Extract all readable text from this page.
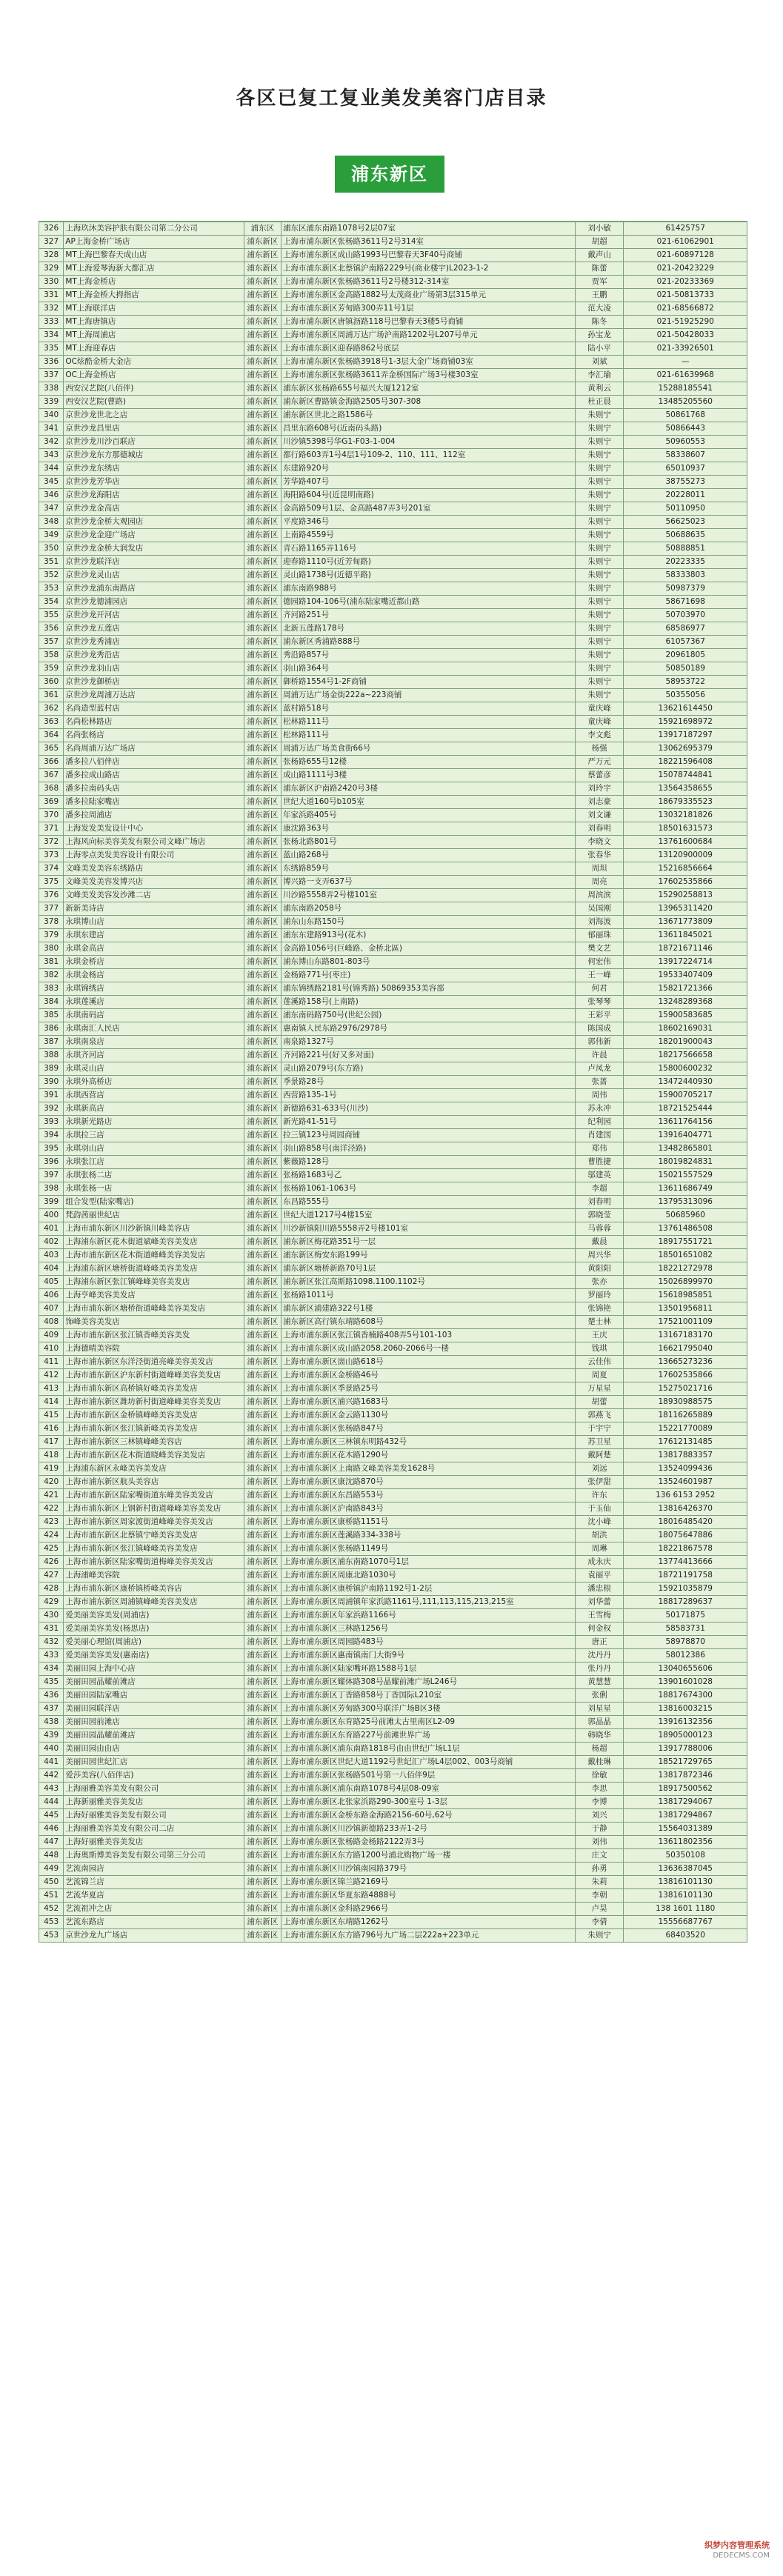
各区已复工复业美发美容门店目录
浦东新区
326	上海玖沐美容护肤有限公司第二分公司	浦东区	浦东区浦东南路1078号2层07室	刘小敏	61425757
327	AP上海金桥广场店	浦东新区	上海市浦东新区张杨路3611号2号314室	胡超	021-61062901
328	MT上海巴黎春天成山店	浦东新区	上海市浦东新区成山路1993号巴黎春天3F40号商铺	戴声山	021-60897128
329	MT上海爱琴海新大都汇店	浦东新区	上海市浦东新区北蔡镇沪南路2229号(商业楼宇)L2023-1-2	陈蕾	021-20423229
330	MT上海金桥店	浦东新区	上海市浦东新区张杨路3611号2号楼312-314室	贾军	021-20233369
331	MT上海金桥大拇指店	浦东新区	上海市浦东新区金高路1882号太茂商业广场第3层315单元	王鹏	021-50813733
332	MT上海联洋店	浦东新区	上海市浦东新区芳甸路300弄11号1层	范大凌	021-68566872
333	MT上海唐镇店	浦东新区	上海市浦东新区唐镇沥路118号巴黎春天3楼5号商铺	陈冬	021-51925290
334	MT上海周浦店	浦东新区	上海市浦东新区周浦万达广场沪南路1202号L207号单元	孙宝龙	021-50428033
335	MT上海迎春店	浦东新区	上海市浦东新区迎春路862号底层	陆小平	021-33926501
336	OC炫酷金桥大金店	浦东新区	上海市浦东新区张杨路3918号1-3层大金广场商铺03室	刘斌	—
337	OC上海金桥店	浦东新区	上海市浦东新区张杨路3611弄金桥国际广场3号楼303室	李汇瑜	021-61639968
338	西安汉艺院(八佰伴)	浦东新区	浦东新区张杨路655号福兴大厦1212室	黄利云	15288185541
339	西安汉艺院(曹路)	浦东新区	浦东新区曹路镇金海路2505号307-308	杜正晨	13485205560
340	京世沙龙世北之店	浦东新区	浦东新区世北之路1586号	朱则宁	50861768
341	京世沙龙昌里店	浦东新区	昌里东路608号(近南码头路)	朱则宁	50866443
342	京世沙龙川沙百联店	浦东新区	川沙镇5398号华G1-F03-1-004	朱则宁	50960553
343	京世沙龙东方那德城店	浦东新区	都行路603弄1号4层1号109-2、110、111、112室	朱则宁	58338607
344	京世沙龙东绣店	浦东新区	东建路920号	朱则宁	65010937
345	京世沙龙芳华店	浦东新区	芳华路407号	朱则宁	38755273
346	京世沙龙海阳店	浦东新区	海阳路604号(近昆明南路)	朱则宁	20228011
347	京世沙龙金高店	浦东新区	金高路509号1层、金高路487弄3号201室	朱则宁	50110950
348	京世沙龙金桥大观园店	浦东新区	平度路346号	朱则宁	56625023
349	京世沙龙金迎广场店	浦东新区	上南路4559号	朱则宁	50688635
350	京世沙龙金桥大润发店	浦东新区	青石路1165弄116号	朱则宁	50888851
351	京世沙龙联洋店	浦东新区	迎春路1110号(近芳甸路)	朱则宁	20223335
352	京世沙龙灵山店	浦东新区	灵山路1738号(近德平路)	朱则宁	58333803
353	京世沙龙浦东南路店	浦东新区	浦东南路988号	朱则宁	50987379
354	京世沙龙德浦园店	浦东新区	德园路104-106号(浦东陆家嘴近都山路	朱则宁	58671698
355	京世沙龙开河店	浦东新区	齐河路251号	朱则宁	50703970
356	京世沙龙五莲店	浦东新区	北新五莲路178号	朱则宁	68586977
357	京世沙龙秀浦店	浦东新区	浦东新区秀浦路888号	朱则宁	61057367
358	京世沙龙秀沿店	浦东新区	秀沿路857号	朱则宁	20961805
359	京世沙龙羽山店	浦东新区	羽山路364号	朱则宁	50850189
360	京世沙龙御桥店	浦东新区	御桥路1554号1-2F商铺	朱则宁	58953722
361	京世沙龙周浦万达店	浦东新区	周浦万达广场金街222a~223商铺	朱则宁	50355056
362	名尚造型蓝村店	浦东新区	蓝村路518号	童庆峰	13621614450
363	名尚松林路店	浦东新区	松林路111号	童庆峰	15921698972
364	名尚张杨店	浦东新区	松林路111号	李文彪	13917187297
365	名尚周浦万达广场店	浦东新区	周浦万达广场美食街66号	杨强	13062695379
366	潘多拉八佰伴店	浦东新区	张杨路655号12楼	严万元	18221596408
367	潘多拉成山路店	浦东新区	成山路1111号3楼	蔡蕾彦	15078744841
368	潘多拉南码头店	浦东新区	浦东新区沪南路2420号3楼	刘玲宇	13564358655
369	潘多拉陆家嘴店	浦东新区	世纪大道160号b105室	刘志豪	18679335523
370	潘多拉周浦店	浦东新区	年家浜路405号	刘文谦	13032181826
371	上海发发美发设计中心	浦东新区	康沈路363号	刘春明	18501631573
372	上海风向标美容美发有限公司文峰广场店	浦东新区	张杨北路801号	李晓文	13761600684
373	上海零点美发美容设计有限公司	浦东新区	蓝山路268号	张春华	13120900009
374	文峰美发美容东绣路店	浦东新区	东绣路859号	周坦	15216856664
375	文峰美发美容发博兴店	浦东新区	博兴路一支弄637号	周亮	17602535866
376	文峰美发美容发沙滩二店	浦东新区	川沙路5558弄2号楼101室	周滨滨	15290258813
377	新新美诗店	浦东新区	浦东南路2058号	吴国刚	13965311420
378	永琪博山店	浦东新区	浦东山东路150号	刘海波	13671773809
379	永琪东建店	浦东新区	浦东东建路913号(花木)	郁丽珠	13611845021
380	永琪金高店	浦东新区	金高路1056号(巨峰路、金桥北區)	樊文艺	18721671146
381	永琪金桥店	浦东新区	浦东博山东路801-803号	何宏伟	13917224714
382	永琪金杨店	浦东新区	金杨路771号(枣庄)	王一峰	19533407409
383	永琪锦绣店	浦东新区	浦东锦绣路2181号(锦秀路) 50869353美容部	何君	15821721366
384	永琪莲溪店	浦东新区	莲溪路158号(上南路)	张琴琴	13248289368
385	永琪南码店	浦东新区	浦东南码路750号(世纪公园)	王彩平	15900583685
386	永琪南汇人民店	浦东新区	惠南镇人民东路2976/2978号	陈国成	18602169031
387	永琪南泉店	浦东新区	南泉路1327号	郭伟新	18201900043
388	永琪齐河店	浦东新区	齐河路221号(好又多对面)	许晨	18217566658
389	永琪灵山店	浦东新区	灵山路2079号(东方路)	卢凤龙	15800600232
390	永琪外高桥店	浦东新区	季景路28号	张蔷	13472440930
391	永琪西营店	浦东新区	西营路135-1号	周伟	15900705217
392	永琪新高店	浦东新区	新德路631-633号(川沙)	苏永冲	18721525444
393	永琪新光路店	浦东新区	新光路41-51号	纪利园	13611764156
394	永琪拉三店	浦东新区	拉三镇123号周园商铺	肖建国	13916404771
395	永琪羽山店	浦东新区	羽山路858号(南洋泾路)	郑伟	13482865801
396	永琪张江店	浦东新区	紫薇路128号	曹胜捷	18019824831
397	永琪张杨二店	浦东新区	张杨路1683号乙	邬建英	15021557529
398	永琪张杨一店	浦东新区	张杨路1061-1063号	李超	13611686749
399	组合发型(陆家嘴店)	浦东新区	东昌路555号	刘春明	13795313096
400	梵韵茜丽世纪店	浦东新区	世纪大道1217号4楼15室	郭晓莹	50685960
401	上海市浦东新区川沙新镇川峰美容店	浦东新区	川沙新镇阳川路5558弄2号楼101室	马蓉蓉	13761486508
402	上海浦东新区花木街道斌峰美容美发店	浦东新区	浦东新区梅花路351号一层	戴晨	18917551721
403	上海市浦东新区花木街道峰峰美容美发店	浦东新区	浦东新区梅安东路199号	周兴华	18501651082
404	上海浦东新区塘桥街道峰峰美容美发店	浦东新区	浦东新区塘桥新路70号1层	黄阳阳	18221272978
405	上海浦东新区张江镇峰峰美容美发店	浦东新区	浦东新区张江高斯路1098.1100.1102号	张亦	15026899970
406	上海亨峰美容美发店	浦东新区	张杨路1011号	罗丽玲	15618985851
407	上海市浦东新区塘桥街道峰峰美容美发店	浦东新区	浦东新区浦建路322号1楼	张锦艳	13501956811
408	饰峰美容美发店	浦东新区	浦东新区高行镇东靖路608号	楚士林	17521001109
409	上海市浦东新区张江镇香峰美容美发	浦东新区	上海市浦东新区张江镇香楠路408弄5号101-103	王庆	13167183170
410	上海德晴美容院	浦东新区	上海市浦东新区成山路2058.2060-2066号一楼	钱琪	16621795040
411	上海市浦东新区东洋泾街道亮峰美容美发店	浦东新区	上海市浦东新区崮山路618号	云佳伟	13665273236
412	上海市浦东新区沪东新村街道峰峰美容美发店	浦东新区	上海市浦东新区金桥路46号	周夏	17602535866
413	上海市浦东新区高桥镇好峰美容美发店	浦东新区	上海市浦东新区季景路25号	万星星	15275021716
414	上海市浦东新区潍坊新村街道峰峰美容美发店	浦东新区	上海市浦东新区浦兴路1683号	胡蕾	18930988575
415	上海市浦东新区金桥镇峰峰美容美发店	浦东新区	上海市浦东新区金云路1130号	郭燕飞	18116265889
416	上海市浦东新区张江镇新峰美容美发店	浦东新区	上海市浦东新区张杨路847号	于宇宁	15221770089
417	上海市浦东新区三林镇峰峰美容店	浦东新区	上海市浦东新区三林镇东明路432号	苏卫星	17612131485
418	上海市浦东新区花木街道晓峰美容美发店	浦东新区	上海市浦东新区花木路1290号	戴阿楚	13817883357
419	上海浦东新区永峰美容美发店	浦东新区	上海市浦东新区上南路文峰美容美发1628号	刘远	13524099436
420	上海市浦东新区航头美容店	浦东新区	上海市浦东新区康沈路870号	张伊甜	13524601987
421	上海市浦东新区陆家嘴街道东峰美容美发店	浦东新区	上海市浦东新区东昌路553号	许东	136 6153 2952
422	上海市浦东新区上钢新村街道峰峰美容美发店	浦东新区	上海市浦东新区沪南路843号	于玉仙	13816426370
423	上海市浦东新区周家渡街道峰峰美容美发店	浦东新区	上海市浦东新区康桥路1151号	沈小峰	18016485420
424	上海市浦东新区北蔡镇宁峰美容美发店	浦东新区	上海市浦东新区莲溪路334-338号	胡洪	18075647886
425	上海市浦东新区张江镇峰峰美容美发店	浦东新区	上海市浦东新区张杨路1149号	周琳	18221867578
426	上海市浦东新区陆家嘴街道梅峰美容美发店	浦东新区	上海市浦东新区浦东南路1070号1层	成永庆	13774413666
427	上海浦峰美容院	浦东新区	上海市浦东新区周康北路1030号	袁丽平	18721191758
428	上海市浦东新区康桥镇桥峰美容店	浦东新区	上海市浦东新区康桥镇沪南路1192号1-2层	潘忠根	15921035879
429	上海市浦东新区周浦镇峰峰美容美发店	浦东新区	上海市浦东新区周浦镇年家浜路1161号,111,113,115,213,215室	刘华蕾	18817289637
430	爱美丽美容美发(周浦店)	浦东新区	上海市浦东新区年家浜路1166号	王雪梅	50171875
431	爱美丽美容美发(杨思店)	浦东新区	上海市浦东新区三林路1256号	何金权	58583731
432	爱美丽心理馆(周浦店)	浦东新区	上海市浦东新区周园路483号	唐正	58978870
433	爱美丽美容美发(惠南店)	浦东新区	上海市浦东新区惠南镇南门大街9号	沈丹丹	58012386
434	美丽田园上海中心店	浦东新区	上海市浦东新区陆家嘴环路1588号1层	张丹丹	13040655606
435	美丽田园晶耀前滩店	浦东新区	上海市浦东新区耀体路308号晶耀前滩广场L246号	黄慧慧	13901601028
436	美丽田园陆家嘴店	浦东新区	上海市浦东新区丁香路858号丁香国际L210室	张俐	18817674300
437	美丽田园联洋店	浦东新区	上海市浦东新区芳甸路300号联洋广场B区3楼	刘星星	13816003215
438	美丽田园前滩店	浦东新区	上海市浦东新区东育路25号前滩太古里南区L2-09	郭晶晶	13916132356
439	美丽田园晶耀前滩店	浦东新区	上海市浦东新区东育路227号前滩世界广场	韩晓华	18905000123
440	美丽田园由由店	浦东新区	上海市浦东新区浦东南路1818号由由世纪广场L1层	杨超	13917788006
441	美丽田园世纪汇店	浦东新区	上海市浦东新区世纪大道1192号世纪汇广场L4层002、003号商铺	戴桂琳	18521729765
442	爱莎美容(八佰伴店)	浦东新区	上海市浦东新区张杨路501号第一八佰伴9层	徐敏	13817872346
443	上海丽雅美容美发有限公司	浦东新区	上海市浦东新区浦东南路1078号4层08-09室	李思	18917500562
444	上海新丽雅美容美发店	浦东新区	上海市浦东新区北张家浜路290-300室号 1-3层	李博	13817294067
445	上海好丽雅美容美发有限公司	浦东新区	上海市浦东新区金桥东路金海路2156-60号,62号	刘兴	13817294867
446	上海丽雅美容美发有限公司二店	浦东新区	上海市浦东新区川沙镇新德路233弄1-2号	于静	15564031389
447	上海好丽雅美容美发店	浦东新区	上海市浦东新区张杨路金杨路2122弄3号	刘伟	13611802356
448	上海奥斯博美容美发有限公司第三分公司	浦东新区	上海市浦东新区东方路1200号浦北购物广场一楼	庄文	50350108
449	艺流南园店	浦东新区	上海市浦东新区川沙镇南园路379号	孙勇	13636387045
450	艺流锦兰店	浦东新区	上海市浦东新区锦兰路2169号	朱莉	13816101130
451	艺流华夏店	浦东新区	上海市浦东新区华夏东路4888号	李朝	13816101130
452	艺流祖冲之店	浦东新区	上海市浦东新区金科路2966号	卢昊	138 1601 1180
453	艺流东路店	浦东新区	上海市浦东新区东靖路1262号	李倩	15556687767
453	京世沙龙九广场店	浦东新区	上海市浦东新区东方路796号九广场二层222a+223单元	朱则宁	68403520
织梦内容管理系统
DEDECMS.COM
